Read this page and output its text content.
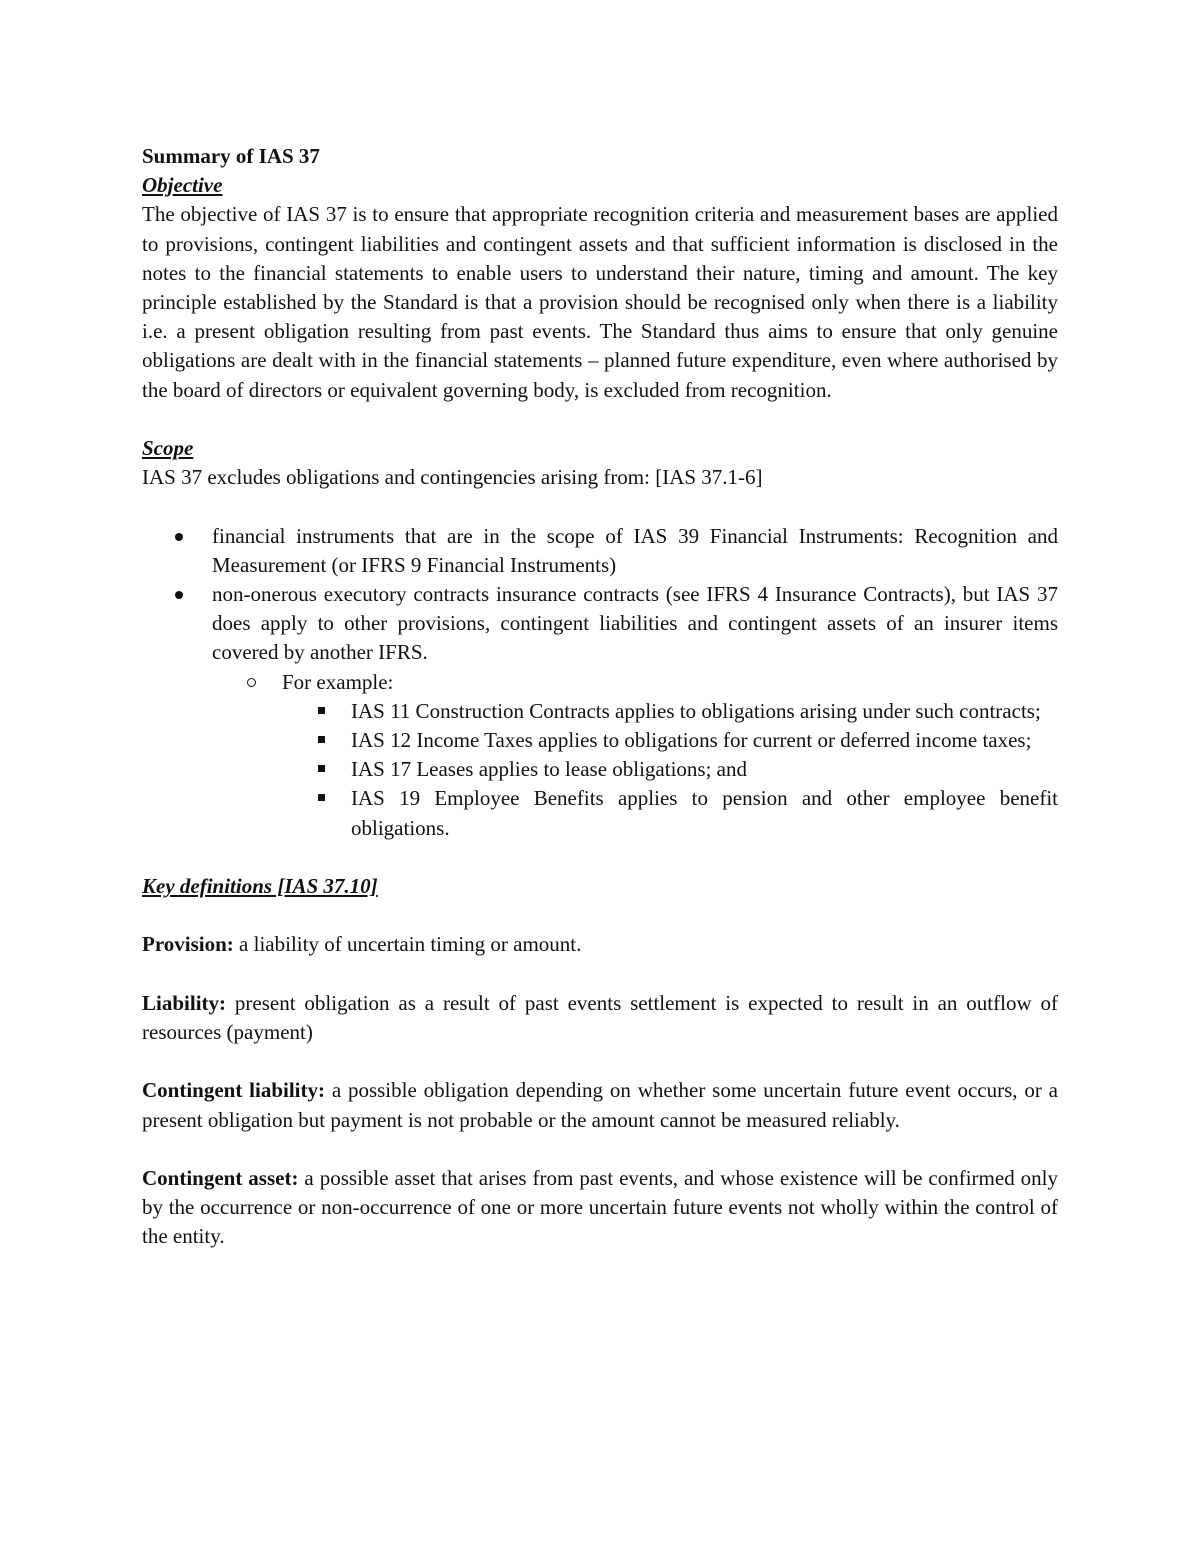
Summary of IAS 37

Objective

The objective of IAS 37 is to ensure that appropriate recognition criteria and measurement bases are applied to provisions, contingent liabilities and contingent assets and that sufficient information is disclosed in the notes to the financial statements to enable users to understand their nature, timing and amount. The key principle established by the Standard is that a provision should be recognised only when there is a liability i.e. a present obligation resulting from past events. The Standard thus aims to ensure that only genuine obligations are dealt with in the financial statements – planned future expenditure, even where authorised by the board of directors or equivalent governing body, is excluded from recognition.

Scope

IAS 37 excludes obligations and contingencies arising from: [IAS 37.1-6]

financial instruments that are in the scope of IAS 39 Financial Instruments: Recognition and Measurement (or IFRS 9 Financial Instruments)
non-onerous executory contracts insurance contracts (see IFRS 4 Insurance Contracts), but IAS 37 does apply to other provisions, contingent liabilities and contingent assets of an insurer items covered by another IFRS.
For example:
IAS 11 Construction Contracts applies to obligations arising under such contracts;
IAS 12 Income Taxes applies to obligations for current or deferred income taxes;
IAS 17 Leases applies to lease obligations; and
IAS 19 Employee Benefits applies to pension and other employee benefit obligations.

Key definitions [IAS 37.10]

Provision: a liability of uncertain timing or amount.

Liability: present obligation as a result of past events settlement is expected to result in an outflow of resources (payment)

Contingent liability: a possible obligation depending on whether some uncertain future event occurs, or a present obligation but payment is not probable or the amount cannot be measured reliably.

Contingent asset: a possible asset that arises from past events, and whose existence will be confirmed only by the occurrence or non-occurrence of one or more uncertain future events not wholly within the control of the entity.
